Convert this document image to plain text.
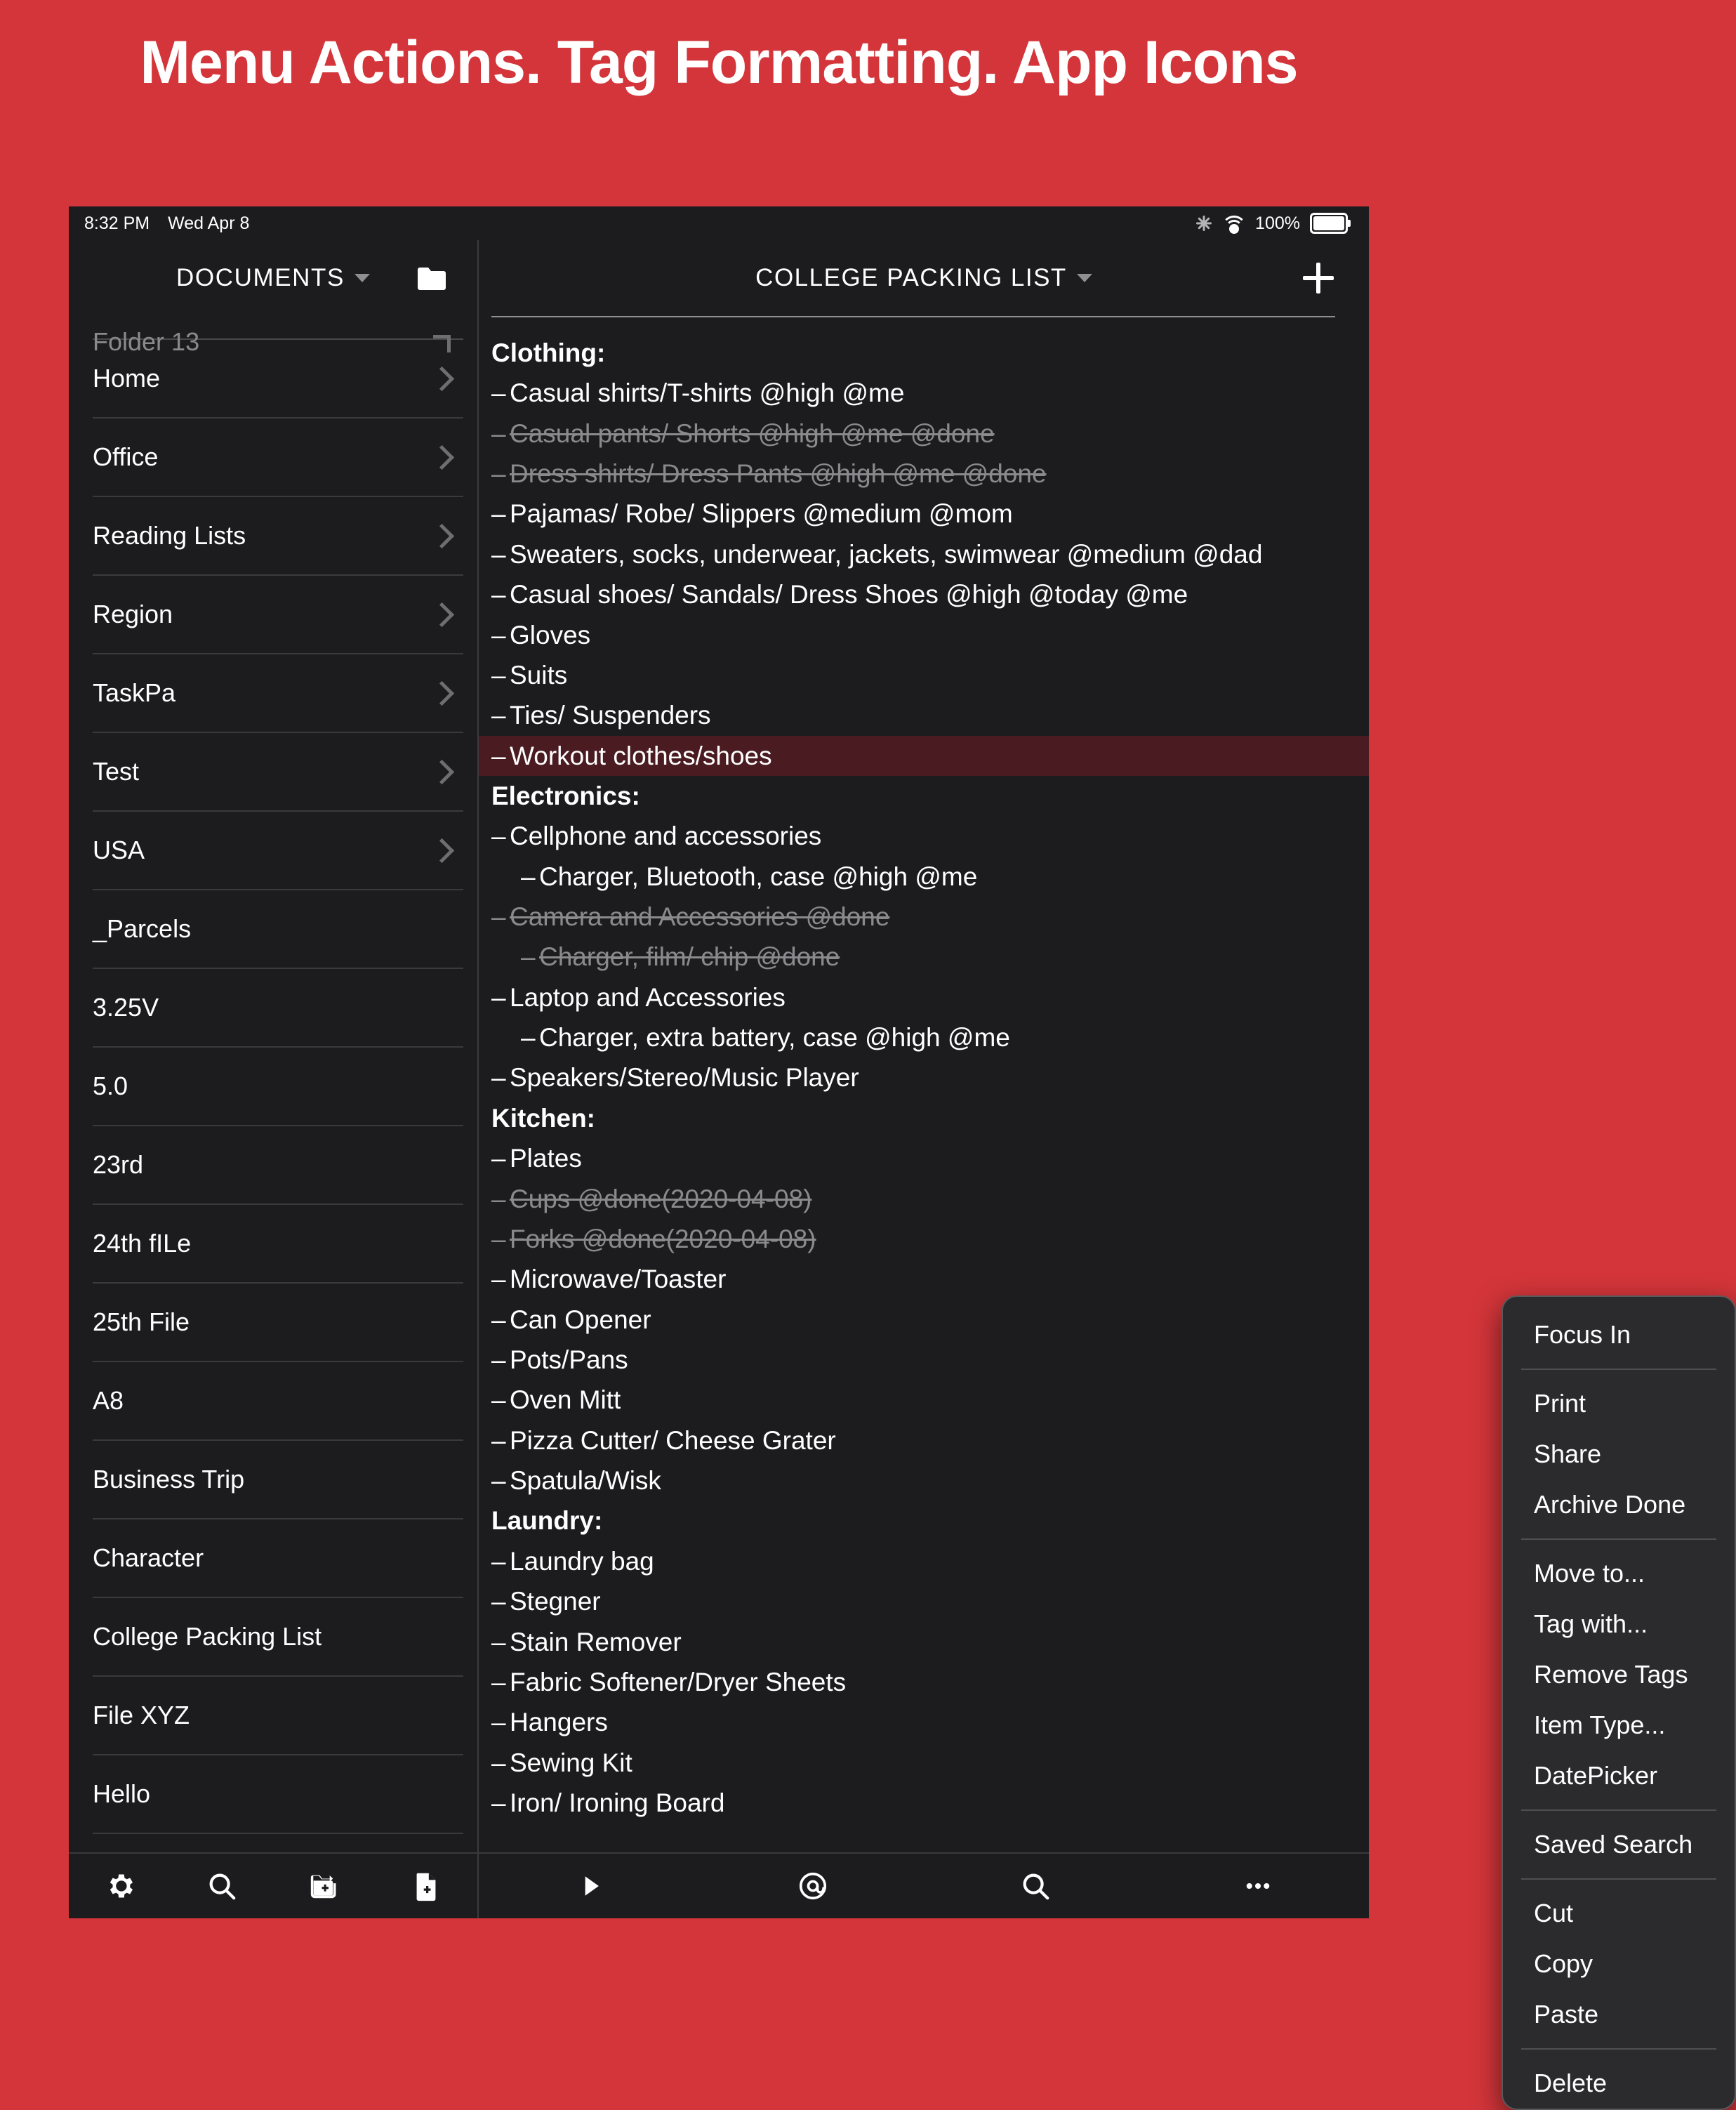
Menu Actions. Tag Formatting. App Icons
8:32 PM Wed Apr 8	100%
DOCUMENTS
Folder 13
Home
Office
Reading Lists
Region
TaskPa
Test
USA
_Parcels
3.25V
5.0
23rd
24th fILe
25th File
A8
Business Trip
Character
College Packing List
File XYZ
Hello
COLLEGE PACKING LIST
Clothing:
– Casual shirts/T-shirts @high @me
– Casual pants/ Shorts @high @me @done
– Dress shirts/ Dress Pants @high @me @done
– Pajamas/ Robe/ Slippers @medium @mom
– Sweaters, socks, underwear, jackets, swimwear @medium @dad
– Casual shoes/ Sandals/ Dress Shoes @high @today @me
– Gloves
– Suits
– Ties/ Suspenders
– Workout clothes/shoes
Electronics:
– Cellphone and accessories
– Charger, Bluetooth, case @high @me
– Camera and Accessories @done
– Charger, film/ chip @done
– Laptop and Accessories
– Charger, extra battery, case @high @me
– Speakers/Stereo/Music Player
Kitchen:
– Plates
– Cups @done(2020-04-08)
– Forks @done(2020-04-08)
– Microwave/Toaster
– Can Opener
– Pots/Pans
– Oven Mitt
– Pizza Cutter/ Cheese Grater
– Spatula/Wisk
Laundry:
– Laundry bag
– Stegner
– Stain Remover
– Fabric Softener/Dryer Sheets
– Hangers
– Sewing Kit
– Iron/ Ironing Board
Focus In
Print
Share
Archive Done
Move to...
Tag with...
Remove Tags
Item Type...
DatePicker
Saved Search
Cut
Copy
Paste
Delete
